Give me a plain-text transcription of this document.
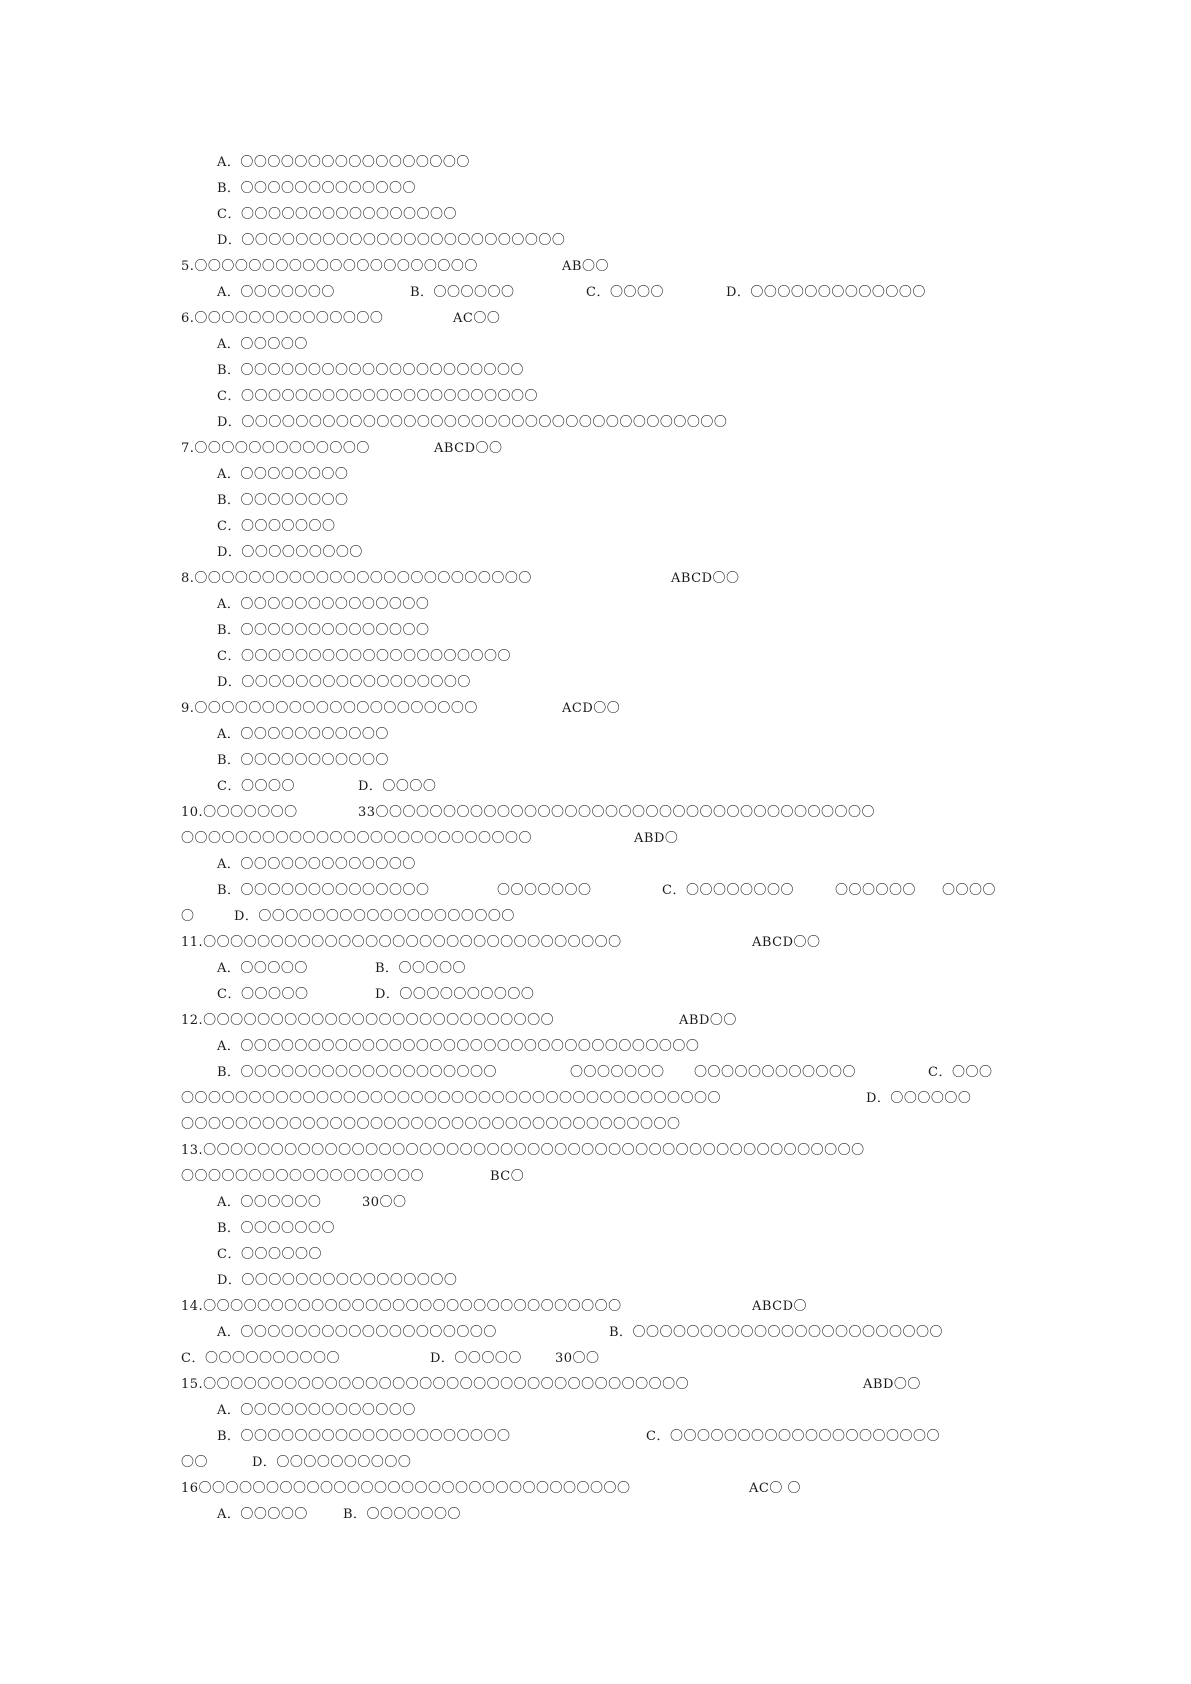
A．〇〇〇〇〇〇〇〇〇〇〇〇〇〇〇〇〇
B．〇〇〇〇〇〇〇〇〇〇〇〇〇
C．〇〇〇〇〇〇〇〇〇〇〇〇〇〇〇〇
D．〇〇〇〇〇〇〇〇〇〇〇〇〇〇〇〇〇〇〇〇〇〇〇〇
5.〇〇〇〇〇〇〇〇〇〇〇〇〇〇〇〇〇〇〇〇〇	AB〇〇
A．〇〇〇〇〇〇〇	B．〇〇〇〇〇〇	C．〇〇〇〇	D．〇〇〇〇〇〇〇〇〇〇〇〇〇
6.〇〇〇〇〇〇〇〇〇〇〇〇〇〇	AC〇〇
A．〇〇〇〇〇
B．〇〇〇〇〇〇〇〇〇〇〇〇〇〇〇〇〇〇〇〇〇
C．〇〇〇〇〇〇〇〇〇〇〇〇〇〇〇〇〇〇〇〇〇〇
D．〇〇〇〇〇〇〇〇〇〇〇〇〇〇〇〇〇〇〇〇〇〇〇〇〇〇〇〇〇〇〇〇〇〇〇〇
7.〇〇〇〇〇〇〇〇〇〇〇〇〇	ABCD〇〇
A．〇〇〇〇〇〇〇〇
B．〇〇〇〇〇〇〇〇
C．〇〇〇〇〇〇〇
D．〇〇〇〇〇〇〇〇〇
8.〇〇〇〇〇〇〇〇〇〇〇〇〇〇〇〇〇〇〇〇〇〇〇〇〇	ABCD〇〇
A．〇〇〇〇〇〇〇〇〇〇〇〇〇〇
B．〇〇〇〇〇〇〇〇〇〇〇〇〇〇
C．〇〇〇〇〇〇〇〇〇〇〇〇〇〇〇〇〇〇〇〇
D．〇〇〇〇〇〇〇〇〇〇〇〇〇〇〇〇〇
9.〇〇〇〇〇〇〇〇〇〇〇〇〇〇〇〇〇〇〇〇〇	ACD〇〇
A．〇〇〇〇〇〇〇〇〇〇〇
B．〇〇〇〇〇〇〇〇〇〇〇
C．〇〇〇〇	D．〇〇〇〇
10.〇〇〇〇〇〇〇	33〇〇〇〇〇〇〇〇〇〇〇〇〇〇〇〇〇〇〇〇〇〇〇〇〇〇〇〇〇〇〇〇〇〇〇〇〇
〇〇〇〇〇〇〇〇〇〇〇〇〇〇〇〇〇〇〇〇〇〇〇〇〇〇	ABD〇
A．〇〇〇〇〇〇〇〇〇〇〇〇〇
B．〇〇〇〇〇〇〇〇〇〇〇〇〇〇	〇〇〇〇〇〇〇	C．〇〇〇〇〇〇〇〇	〇〇〇〇〇〇 〇〇〇〇
〇	D．〇〇〇〇〇〇〇〇〇〇〇〇〇〇〇〇〇〇〇
11.〇〇〇〇〇〇〇〇〇〇〇〇〇〇〇〇〇〇〇〇〇〇〇〇〇〇〇〇〇〇〇	ABCD〇〇
A．〇〇〇〇〇	B．〇〇〇〇〇
C．〇〇〇〇〇	D．〇〇〇〇〇〇〇〇〇〇
12.〇〇〇〇〇〇〇〇〇〇〇〇〇〇〇〇〇〇〇〇〇〇〇〇〇〇	ABD〇〇
A．〇〇〇〇〇〇〇〇〇〇〇〇〇〇〇〇〇〇〇〇〇〇〇〇〇〇〇〇〇〇〇〇〇〇
B．〇〇〇〇〇〇〇〇〇〇〇〇〇〇〇〇〇〇〇	〇〇〇〇〇〇〇 〇〇〇〇〇〇〇〇〇〇〇〇	C．〇〇〇
〇〇〇〇〇〇〇〇〇〇〇〇〇〇〇〇〇〇〇〇〇〇〇〇〇〇〇〇〇〇〇〇〇〇〇〇〇〇〇〇	D．〇〇〇〇〇〇
〇〇〇〇〇〇〇〇〇〇〇〇〇〇〇〇〇〇〇〇〇〇〇〇〇〇〇〇〇〇〇〇〇〇〇〇〇
13.〇〇〇〇〇〇〇〇〇〇〇〇〇〇〇〇〇〇〇〇〇〇〇〇〇〇〇〇〇〇〇〇〇〇〇〇〇〇〇〇〇〇〇〇〇〇〇〇〇
〇〇〇〇〇〇〇〇〇〇〇〇〇〇〇〇〇〇	BC〇
A．〇〇〇〇〇〇	30〇〇
B．〇〇〇〇〇〇〇
C．〇〇〇〇〇〇
D．〇〇〇〇〇〇〇〇〇〇〇〇〇〇〇〇
14.〇〇〇〇〇〇〇〇〇〇〇〇〇〇〇〇〇〇〇〇〇〇〇〇〇〇〇〇〇〇〇	ABCD〇
A．〇〇〇〇〇〇〇〇〇〇〇〇〇〇〇〇〇〇〇	B．〇〇〇〇〇〇〇〇〇〇〇〇〇〇〇〇〇〇〇〇〇〇〇
C．〇〇〇〇〇〇〇〇〇〇	D．〇〇〇〇〇	30〇〇
15.〇〇〇〇〇〇〇〇〇〇〇〇〇〇〇〇〇〇〇〇〇〇〇〇〇〇〇〇〇〇〇〇〇〇〇〇	ABD〇〇
A．〇〇〇〇〇〇〇〇〇〇〇〇〇
B．〇〇〇〇〇〇〇〇〇〇〇〇〇〇〇〇〇〇〇〇	C．〇〇〇〇〇〇〇〇〇〇〇〇〇〇〇〇〇〇〇〇
〇〇	D．〇〇〇〇〇〇〇〇〇〇
16〇〇〇〇〇〇〇〇〇〇〇〇〇〇〇〇〇〇〇〇〇〇〇〇〇〇〇〇〇〇〇〇	AC〇 〇
A．〇〇〇〇〇	B．〇〇〇〇〇〇〇
